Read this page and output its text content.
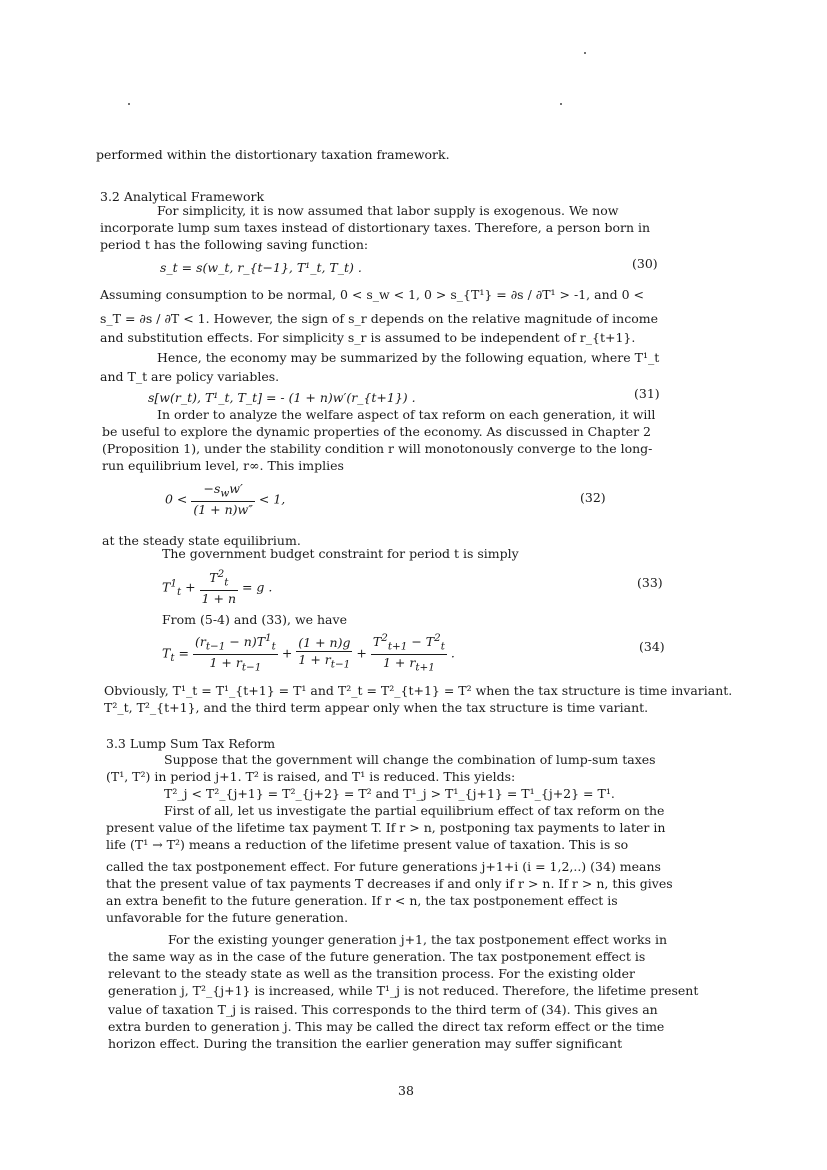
performed within the distortionary taxation framework.
3.2 Analytical Framework
For simplicity, it is now assumed that labor supply is exogenous. We now
incorporate lump sum taxes instead of distortionary taxes. Therefore, a person born in
period t has the following saving function:
s_t = s(w_t, r_{t−1}, T¹_t, T_t) .	(30)
Assuming consumption to be normal, 0 < s_w < 1, 0 > s_{T¹} = ∂s / ∂T¹ > -1, and 0 <
s_T = ∂s / ∂T < 1. However, the sign of s_r depends on the relative magnitude of income
and substitution effects. For simplicity s_r is assumed to be independent of r_{t+1}.
Hence, the economy may be summarized by the following equation, where T¹_t
and T_t are policy variables.
s[w(r_t), T¹_t, T_t] = - (1 + n)w′(r_{t+1}) .	(31)
In order to analyze the welfare aspect of tax reform on each generation, it will
be useful to explore the dynamic properties of the economy. As discussed in Chapter 2
(Proposition 1), under the stability condition r will monotonously converge to the long-
run equilibrium level, r∞. This implies
$0 < \frac{-s_ww'}{(1 + n)w''} < 1$,	(32)
at the steady state equilibrium.
The government budget constraint for period t is simply
$T^1_t + \frac{T^2_t}{1 + n} = g$ .	(33)
From (5-4) and (33), we have
$T_t = \frac{(r_{t-1} - n)T^1_t}{1 + r_{t-1}} + \frac{(1 + n)g}{1 + r_{t-1}} + \frac{T^2_{t+1} - T^2_t}{1 + r_{t+1}}$ .	(34)
Obviously, T¹_t = T¹_{t+1} = T¹ and T²_t = T²_{t+1} = T² when the tax structure is time invariant.
T²_t, T²_{t+1}, and the third term appear only when the tax structure is time variant.
3.3 Lump Sum Tax Reform
Suppose that the government will change the combination of lump-sum taxes
(T¹, T²) in period j+1. T² is raised, and T¹ is reduced. This yields:
T²_j < T²_{j+1} = T²_{j+2} = T² and T¹_j > T¹_{j+1} = T¹_{j+2} = T¹.
First of all, let us investigate the partial equilibrium effect of tax reform on the
present value of the lifetime tax payment T. If r > n, postponing tax payments to later in
life (T¹ → T²) means a reduction of the lifetime present value of taxation. This is so
called the tax postponement effect. For future generations j+1+i (i = 1,2,..) (34) means
that the present value of tax payments T decreases if and only if r > n. If r > n, this gives
an extra benefit to the future generation. If r < n, the tax postponement effect is
unfavorable for the future generation.
For the existing younger generation j+1, the tax postponement effect works in
the same way as in the case of the future generation. The tax postponement effect is
relevant to the steady state as well as the transition process. For the existing older
generation j, T²_{j+1} is increased, while T¹_j is not reduced. Therefore, the lifetime present
value of taxation T_j is raised. This corresponds to the third term of (34). This gives an
extra burden to generation j. This may be called the direct tax reform effect or the time
horizon effect. During the transition the earlier generation may suffer significant
38
